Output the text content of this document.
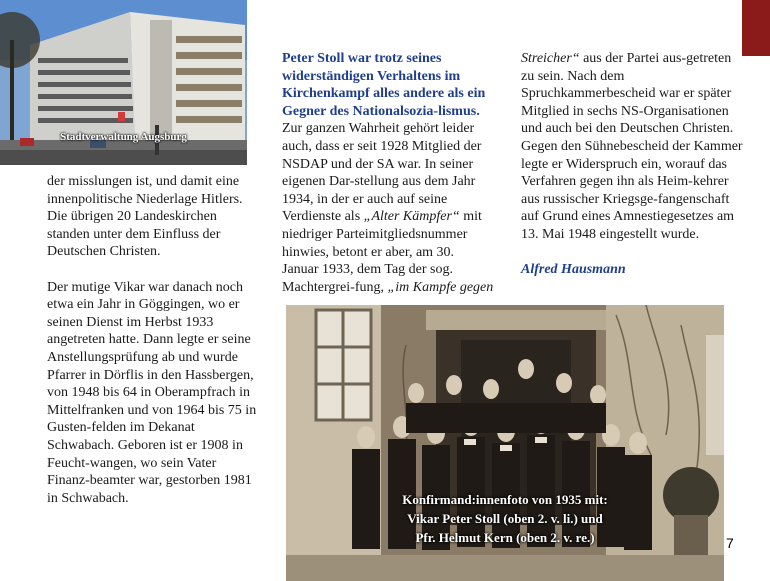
Stadtverwaltung Augsburg

der misslungen ist, und damit eine innenpolitische Niederlage Hitlers. Die übrigen 20 Landeskirchen standen unter dem Einfluss der Deutschen Christen.

Der mutige Vikar war danach noch etwa ein Jahr in Göggingen, wo er seinen Dienst im Herbst 1933 angetreten hatte. Dann legte er seine Anstellungsprüfung ab und wurde Pfarrer in Dörflis in den Hassbergen, von 1948 bis 64 in Oberampfrach in Mittelfranken und von 1964 bis 75 in Gusten-felden im Dekanat Schwabach. Geboren ist er 1908 in Feucht-wangen, wo sein Vater Finanz-beamter war, gestorben 1981 in Schwabach.

Peter Stoll war trotz seines widerständigen Verhaltens im Kirchenkampf alles andere als ein Gegner des Nationalsozia-lismus. Zur ganzen Wahrheit gehört leider auch, dass er seit 1928 Mitglied der NSDAP und der SA war. In seiner eigenen Dar-stellung aus dem Jahr 1934, in der er auch auf seine Verdienste als „Alter Kämpfer“ mit niedriger Parteimitgliedsnummer hinwies, betont er aber, am 30. Januar 1933, dem Tag der sog. Machtergrei-fung, „im Kampfe gegen

Streicher“ aus der Partei aus-getreten zu sein. Nach dem Spruchkammerbescheid war er später Mitglied in sechs NS-Organisationen und auch bei den Deutschen Christen. Gegen den Sühnebescheid der Kammer legte er Widerspruch ein, worauf das Verfahren gegen ihn als Heim-kehrer aus russischer Kriegsge-fangenschaft auf Grund eines Amnestiegesetzes am 13. Mai 1948 eingestellt wurde.

Alfred Hausmann

Konfirmand:innenfoto von 1935 mit:
Vikar Peter Stoll (oben 2. v. li.) und
Pfr. Helmut Kern (oben 2. v. re.)	7
